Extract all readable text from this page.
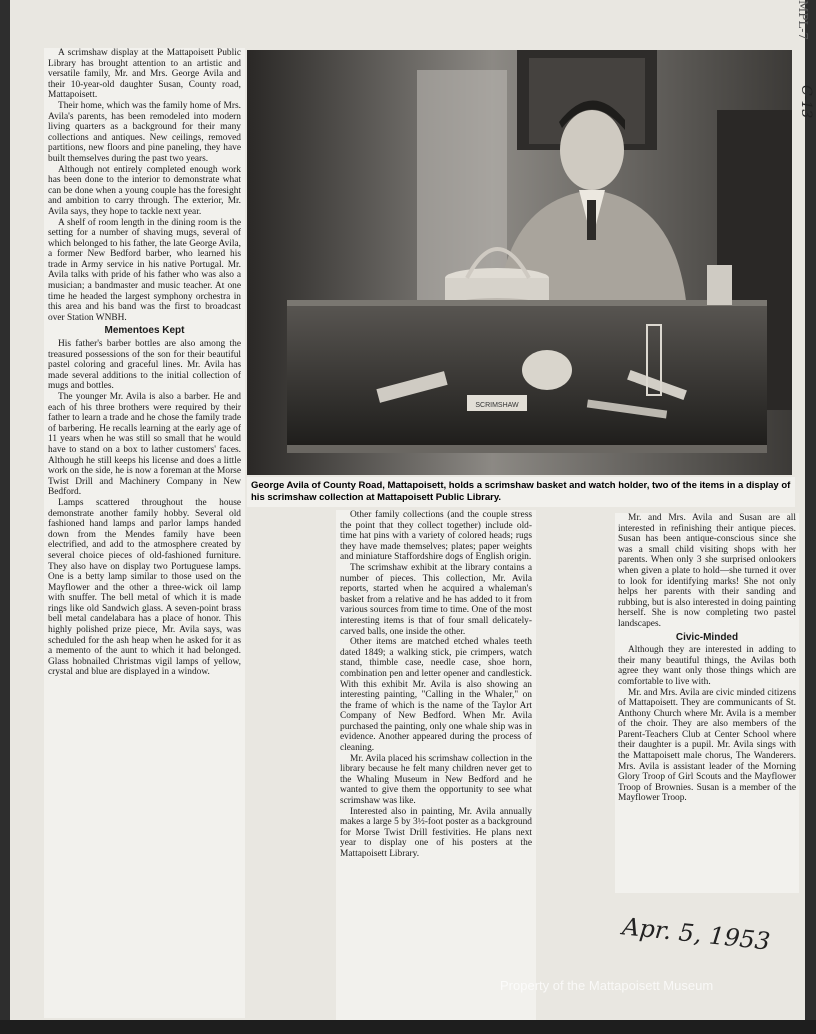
A scrimshaw display at the Mattapoisett Public Library has brought attention to an artistic and versatile family, Mr. and Mrs. George Avila and their 10-year-old daughter Susan, County road, Mattapoisett.

Their home, which was the family home of Mrs. Avila's parents, has been remodeled into modern living quarters as a background for their many collections and antiques. New ceilings, removed partitions, new floors and pine paneling, they have built themselves during the past two years.

Although not entirely completed enough work has been done to the interior to demonstrate what can be done when a young couple has the foresight and ambition to carry through. The exterior, Mr. Avila says, they hope to tackle next year.

A shelf of room length in the dining room is the setting for a number of shaving mugs, several of which belonged to his father, the late George Avila, a former New Bedford barber, who learned his trade in Army service in his native Portugal. Mr. Avila talks with pride of his father who was also a musician; a bandmaster and music teacher. At one time he headed the largest symphony orchestra in this area and his band was the first to broadcast over Station WNBH.

Mementoes Kept

His father's barber bottles are also among the treasured possessions of the son for their beautiful pastel coloring and graceful lines. Mr. Avila has made several additions to the initial collection of mugs and bottles.

The younger Mr. Avila is also a barber. He and each of his three brothers were required by their father to learn a trade and he chose the family trade of barbering. He recalls learning at the early age of 11 years when he was still so small that he would have to stand on a box to lather customers' faces. Although he still keeps his license and does a little work on the side, he is now a foreman at the Morse Twist Drill and Machinery Company in New Bedford.

Lamps scattered throughout the house demonstrate another family hobby. Several old fashioned hand lamps and parlor lamps handed down from the Mendes family have been electrified, and add to the atmosphere created by several choice pieces of old-fashioned furniture. They also have on display two Portuguese lamps. One is a betty lamp similar to those used on the Mayflower and the other a three-wick oil lamp with snuffer. The bell metal of which it is made rings like old Sandwich glass. A seven-point brass bell metal candelabara has a place of honor. This highly polished prize piece, Mr. Avila says, was scheduled for the ash heap when he asked for it as a memento of the aunt to which it had belonged. Glass hobnailed Christmas vigil lamps of yellow, crystal and blue are displayed in a window.

SCRIMSHAW
George Avila of County Road, Mattapoisett, holds a scrimshaw basket and watch holder, two of the items in a display of his scrimshaw collection at Mattapoisett Public Library.

Other family collections (and the couple stress the point that they collect together) include old-time hat pins with a variety of colored heads; rugs they have made themselves; plates; paper weights and miniature Staffordshire dogs of English origin.

The scrimshaw exhibit at the library contains a number of pieces. This collection, Mr. Avila reports, started when he acquired a whaleman's basket from a relative and he has added to it from various sources from time to time. One of the most interesting items is that of four small delicately-carved balls, one inside the other.

Other items are matched etched whales teeth dated 1849; a walking stick, pie crimpers, watch stand, thimble case, needle case, shoe horn, combination pen and letter opener and candlestick. With this exhibit Mr. Avila is also showing an interesting painting, "Calling in the Whaler," on the frame of which is the name of the Taylor Art Company of New Bedford. When Mr. Avila purchased the painting, only one whale ship was in evidence. Another appeared during the process of cleaning.

Mr. Avila placed his scrimshaw collection in the library because he felt many children never get to the Whaling Museum in New Bedford and he wanted to give them the opportunity to see what scrimshaw was like.

Interested also in painting, Mr. Avila annually makes a large 5 by 3½-foot poster as a background for Morse Twist Drill festivities. He plans next year to display one of his posters at the Mattapoisett Library.

Mr. and Mrs. Avila and Susan are all interested in refinishing their antique pieces. Susan has been antique-conscious since she was a small child visiting shops with her parents. When only 3 she surprised onlookers when given a plate to hold—she turned it over to look for identifying marks! She not only helps her parents with their sanding and rubbing, but is also interested in doing painting herself. She is now completing two pastel landscapes.

Civic-Minded

Although they are interested in adding to their many beautiful things, the Avilas both agree they want only those things which are comfortable to live with.

Mr. and Mrs. Avila are civic minded citizens of Mattapoisett. They are communicants of St. Anthony Church where Mr. Avila is a member of the choir. They are also members of the Parent-Teachers Club at Center School where their daughter is a pupil. Mr. Avila sings with the Mattapoisett male chorus, The Wanderers. Mrs. Avila is assistant leader of the Morning Glory Troop of Girl Scouts and the Mayflower Troop of Brownies. Susan is a member of the Mayflower Troop.

Apr. 5, 1953
MPL-7
C-13
Property of the Mattapoisett Museum
